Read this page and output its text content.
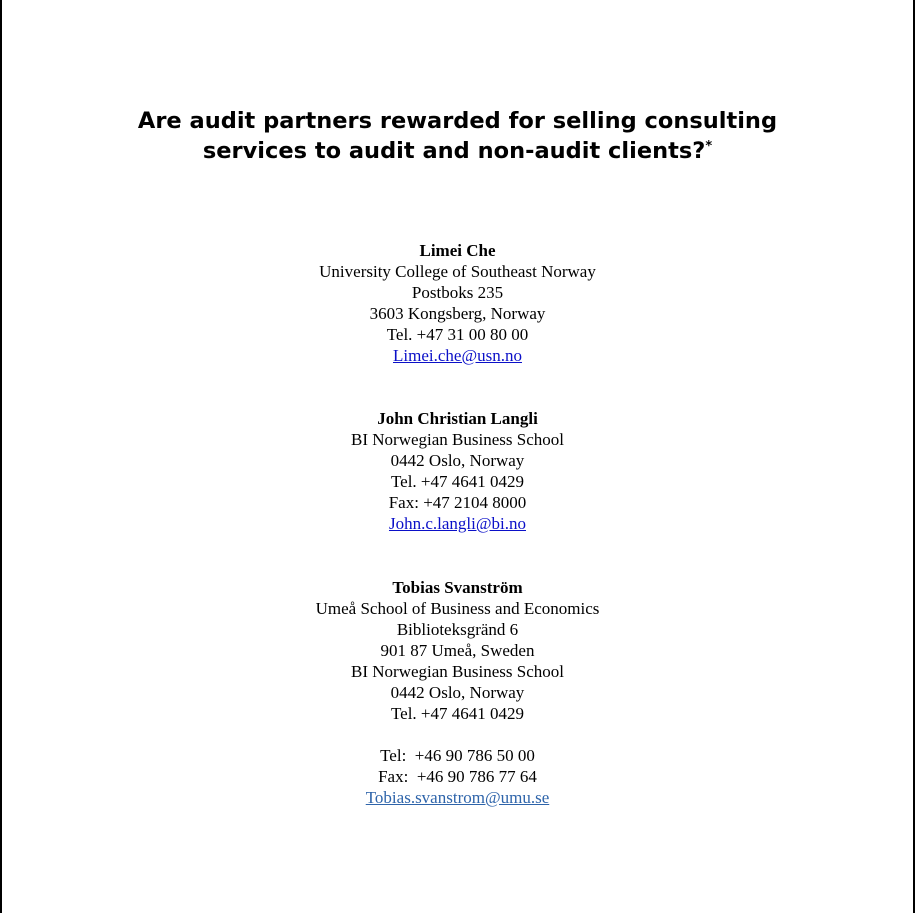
Are audit partners rewarded for selling consulting
services to audit and non-audit clients?*
Limei Che
University College of Southeast Norway
Postboks 235
3603 Kongsberg, Norway
Tel. +47 31 00 80 00
Limei.che@usn.no
John Christian Langli
BI Norwegian Business School
0442 Oslo, Norway
Tel. +47 4641 0429
Fax: +47 2104 8000
John.c.langli@bi.no
Tobias Svanström
Umeå School of Business and Economics
Biblioteksgränd 6
901 87 Umeå, Sweden
BI Norwegian Business School
0442 Oslo, Norway
Tel. +47 4641 0429
Tel:  +46 90 786 50 00
Fax:  +46 90 786 77 64
Tobias.svanstrom@umu.se
